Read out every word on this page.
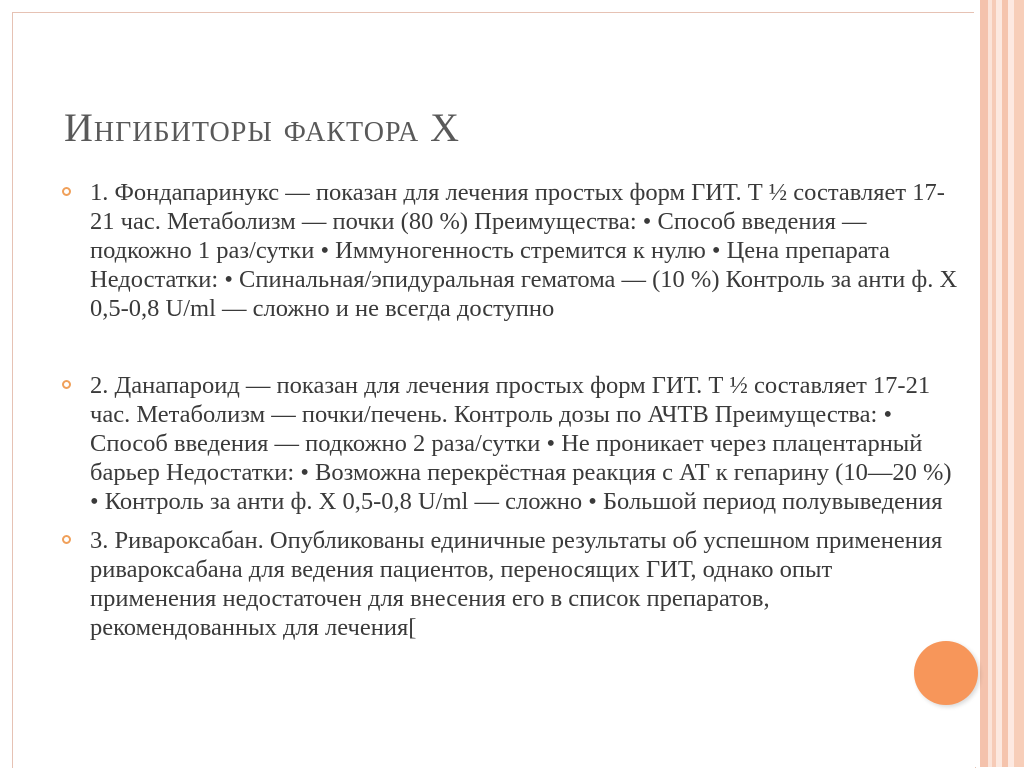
Ингибиторы фактора X

1. Фондапаринукс — показан для лечения простых форм ГИТ. Т ½ составляет 17-21 час. Метаболизм — почки (80 %) Преимущества: • Способ введения — подкожно 1 раз/сутки • Иммуногенность стремится к нулю • Цена препарата Недостатки: • Спинальная/эпидуральная гематома — (10 %) Контроль за анти ф. Х 0,5-0,8 U/ml — сложно и не всегда доступно

2. Данапароид — показан для лечения простых форм ГИТ. Т ½ составляет 17-21 час. Метаболизм — почки/печень. Контроль дозы по АЧТВ Преимущества: • Способ введения — подкожно 2 раза/сутки • Не проникает через плацентарный барьер Недостатки: • Возможна перекрёстная реакция с АТ к гепарину (10—20 %) • Контроль за анти ф. Х 0,5-0,8 U/ml — сложно • Большой период полувыведения

3. Ривароксабан. Опубликованы единичные результаты об успешном применения ривароксабана для ведения пациентов, переносящих ГИТ, однако опыт применения недостаточен для внесения его в список препаратов, рекомендованных для лечения[
